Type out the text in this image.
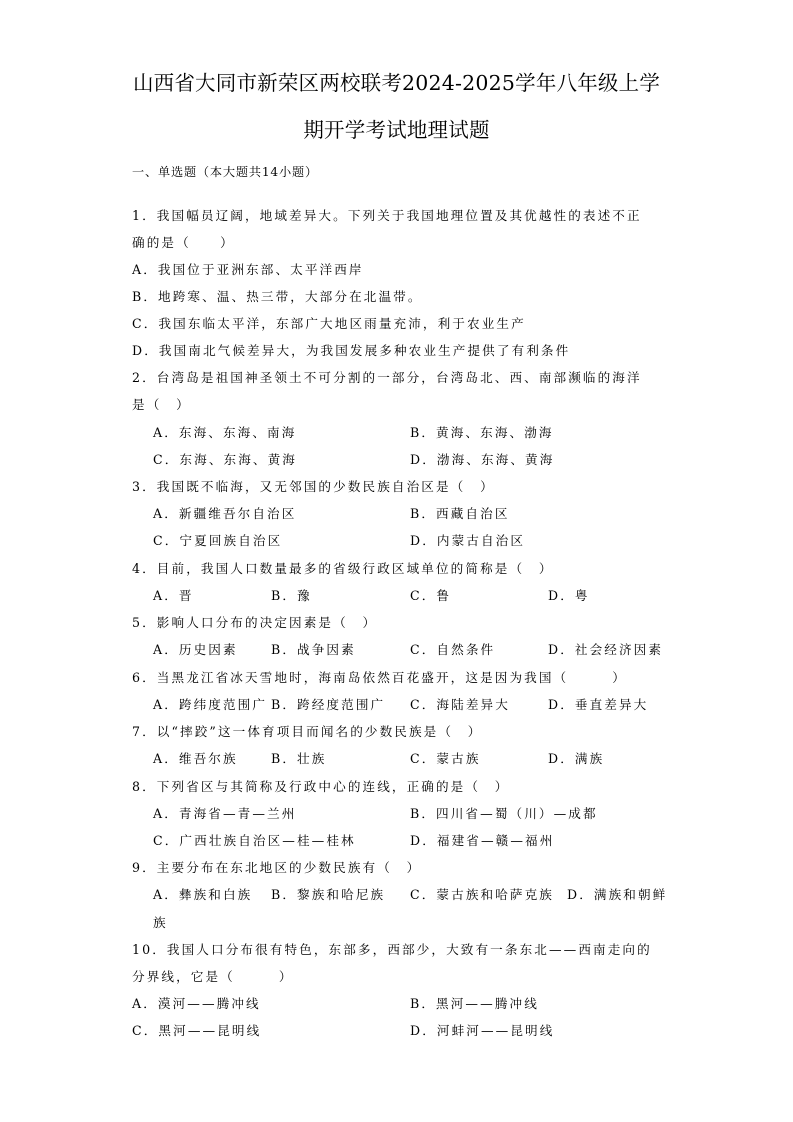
山西省大同市新荣区两校联考2024-2025学年八年级上学
期开学考试地理试题
一、单选题（本大题共14小题）
1．我国幅员辽阔，地域差异大。下列关于我国地理位置及其优越性的表述不正
确的是（　　）
A．我国位于亚洲东部、太平洋西岸
B．地跨寒、温、热三带，大部分在北温带。
C．我国东临太平洋，东部广大地区雨量充沛，利于农业生产
D．我国南北气候差异大，为我国发展多种农业生产提供了有利条件
2．台湾岛是祖国神圣领土不可分割的一部分，台湾岛北、西、南部濒临的海洋
是（　）
A．东海、东海、南海	B．黄海、东海、渤海
C．东海、东海、黄海	D．渤海、东海、黄海
3．我国既不临海，又无邻国的少数民族自治区是（　）
A．新疆维吾尔自治区	B．西藏自治区
C．宁夏回族自治区	D．内蒙古自治区
4．目前，我国人口数量最多的省级行政区域单位的简称是（　）
A．晋	B．豫	C．鲁	D．粤
5．影响人口分布的决定因素是（　）
A．历史因素	B．战争因素	C．自然条件	D．社会经济因素
6．当黑龙江省冰天雪地时，海南岛依然百花盛开，这是因为我国（　　　）
A．跨纬度范围广 B．跨经度范围广 C．海陆差异大	D．垂直差异大
7．以“摔跤”这一体育项目而闻名的少数民族是（　）
A．维吾尔族	B．壮族	C．蒙古族	D．满族
8．下列省区与其简称及行政中心的连线，正确的是（　）
A．青海省—青—兰州	B．四川省—蜀（川）—成都
C．广西壮族自治区—桂—桂林	D．福建省—赣—福州
9．主要分布在东北地区的少数民族有（　）
A．彝族和白族 B．黎族和哈尼族 C．蒙古族和哈萨克族 D．满族和朝鲜
族
10．我国人口分布很有特色，东部多，西部少，大致有一条东北——西南走向的
分界线，它是（　　　）
A．漠河——腾冲线	B．黑河——腾冲线
C．黑河——昆明线	D．河蚌河——昆明线
